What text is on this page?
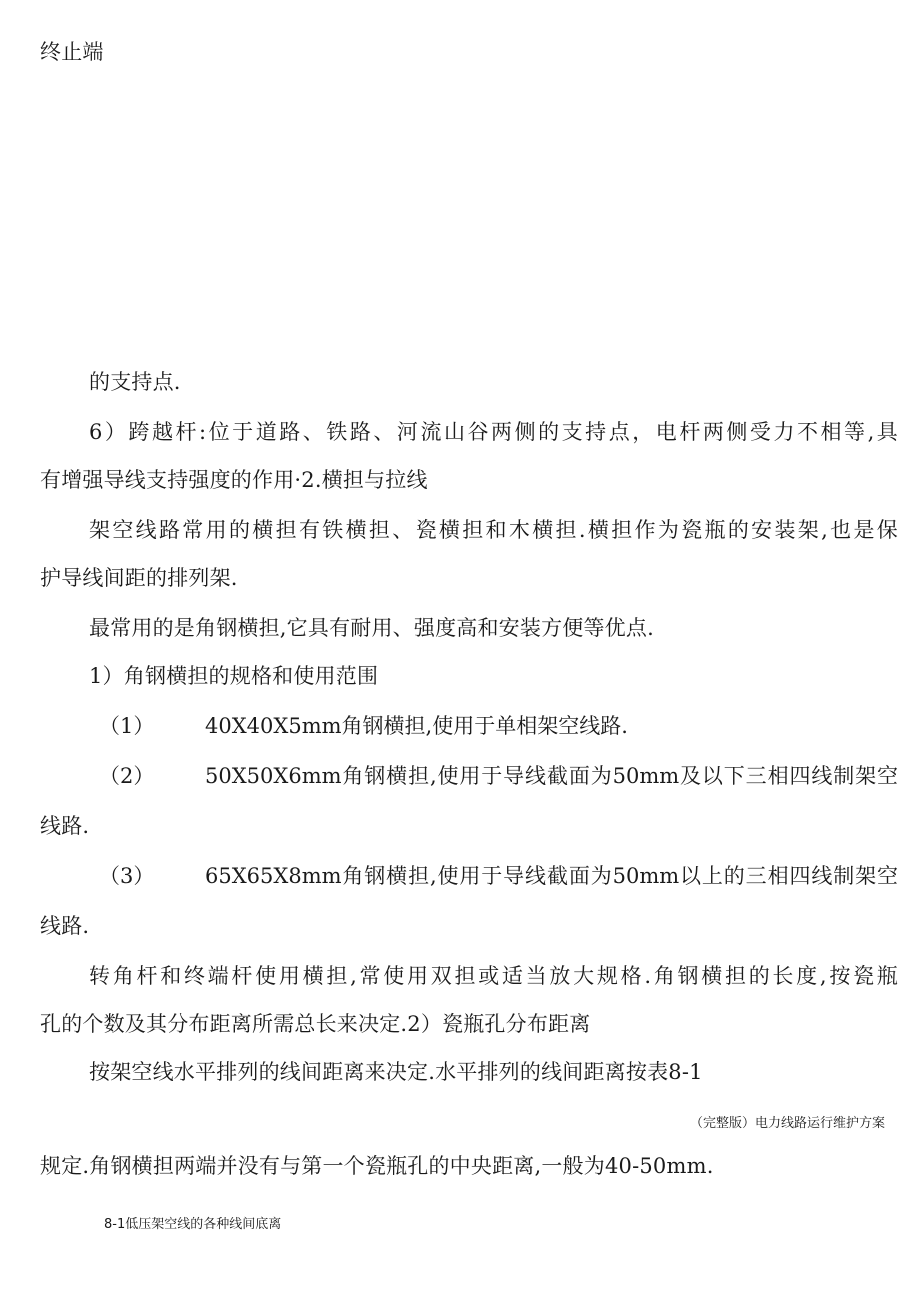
终止端
的支持点.
6）跨越杆:位于道路、铁路、河流山谷两侧的支持点，电杆两侧受力不相等,具
有增强导线支持强度的作用·2.横担与拉线
架空线路常用的横担有铁横担、瓷横担和木横担.横担作为瓷瓶的安装架,也是保
护导线间距的排列架.
最常用的是角钢横担,它具有耐用、强度高和安装方便等优点.
1）角钢横担的规格和使用范围
（1） 40X40X5mm角钢横担,使用于单相架空线路.
（2） 50X50X6mm角钢横担,使用于导线截面为50mm及以下三相四线制架空
线路.
（3） 65X65X8mm角钢横担,使用于导线截面为50mm以上的三相四线制架空
线路.
转角杆和终端杆使用横担,常使用双担或适当放大规格.角钢横担的长度,按瓷瓶
孔的个数及其分布距离所需总长来决定.2）瓷瓶孔分布距离
按架空线水平排列的线间距离来决定.水平排列的线间距离按表8-1
（完整版）电力线路运行维护方案
规定.角钢横担两端并没有与第一个瓷瓶孔的中央距离,一般为40-50mm.
8-1低压架空线的各种线间底离
